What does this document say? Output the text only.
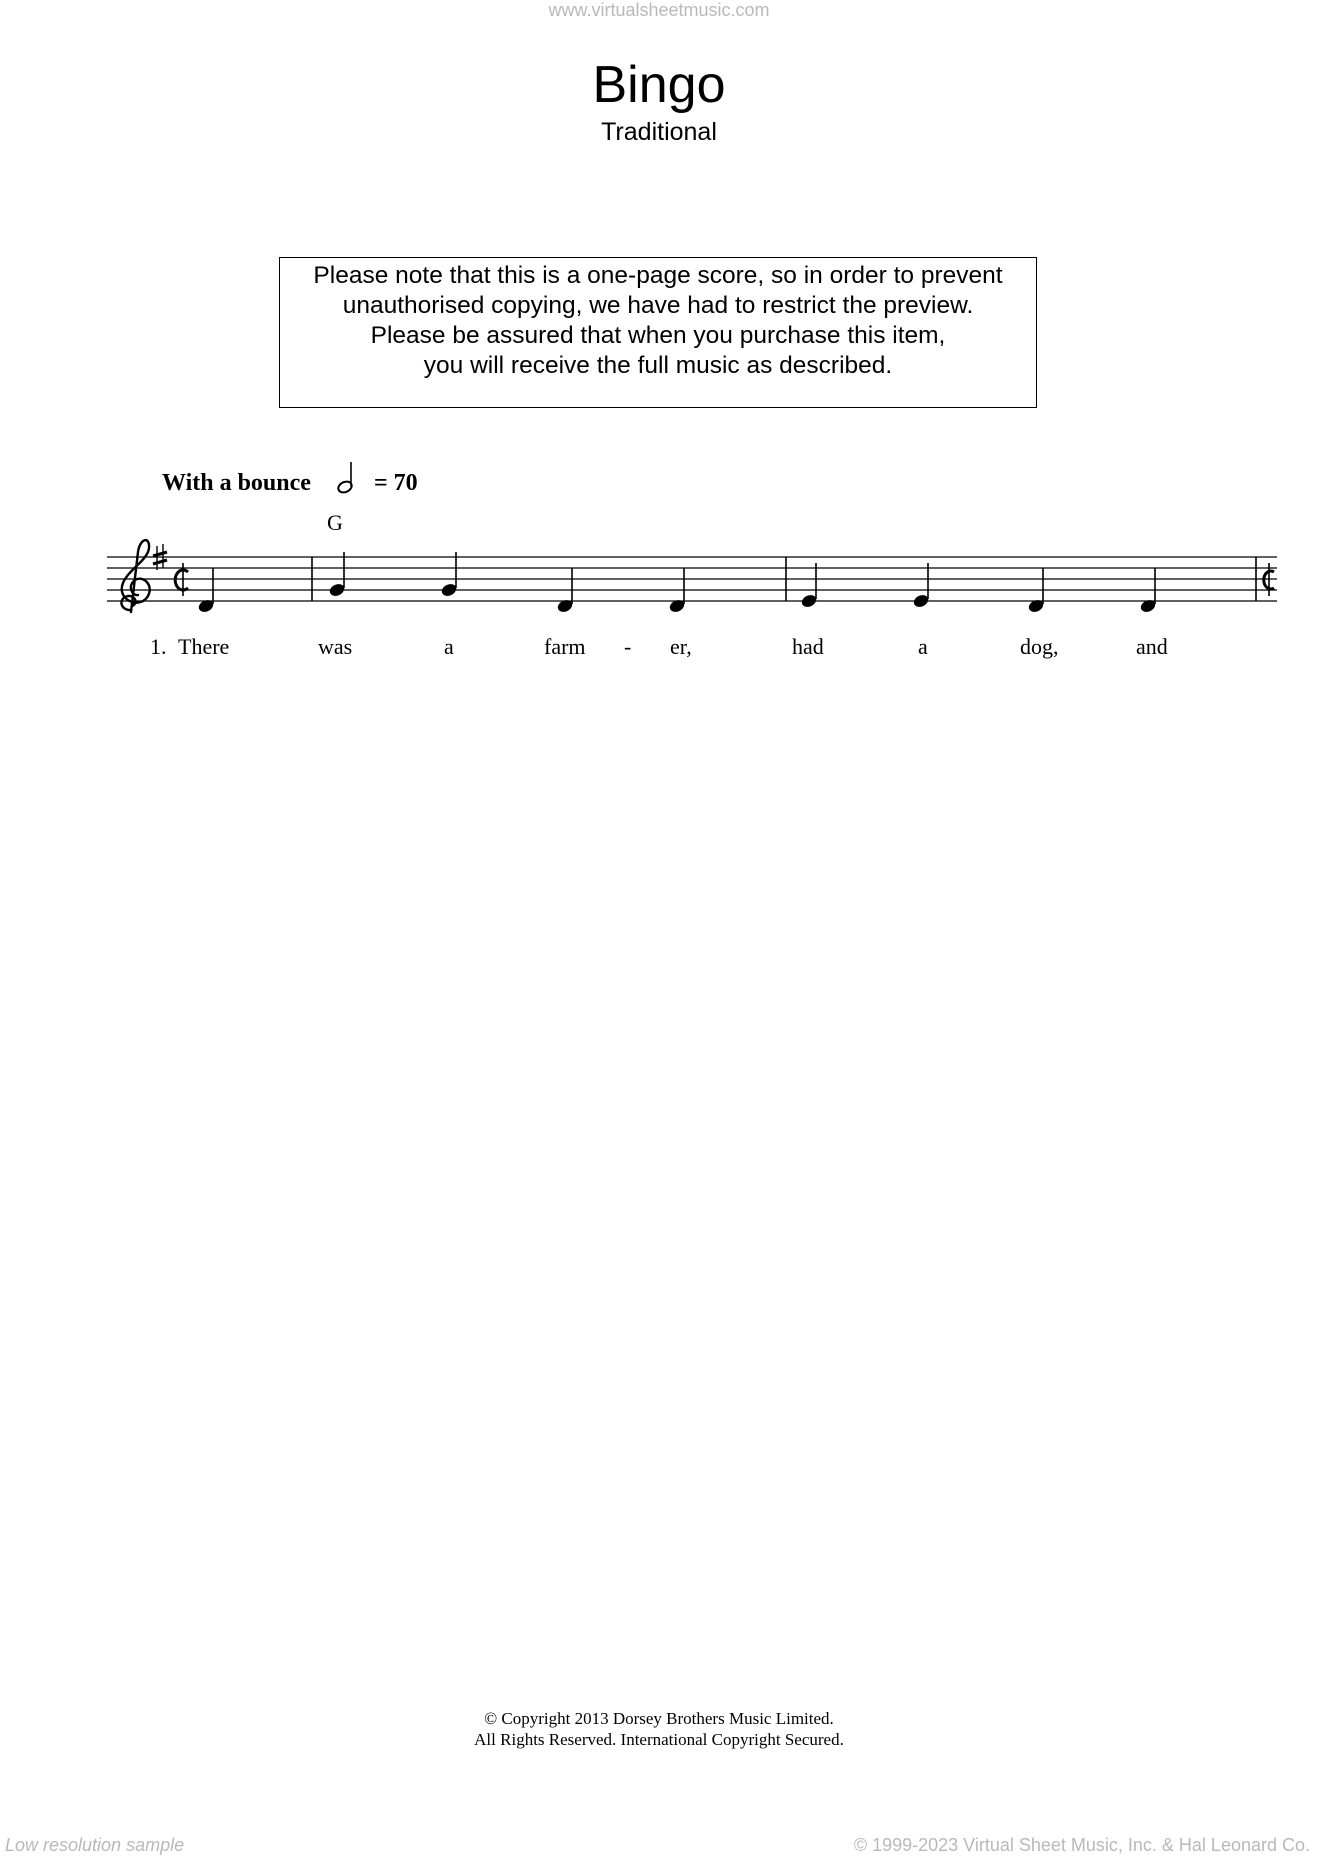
www.virtualsheetmusic.com
Bingo
Traditional
Please note that this is a one-page score, so in order to prevent
unauthorised copying, we have had to restrict the preview.
Please be assured that when you purchase this item,
you will receive the full music as described.
With a bounce	= 70
G
1. There	was	a	farm - er,	had	a	dog,	and
© Copyright 2013 Dorsey Brothers Music Limited.
All Rights Reserved. International Copyright Secured.
Low resolution sample	© 1999-2023 Virtual Sheet Music, Inc. & Hal Leonard Co.
